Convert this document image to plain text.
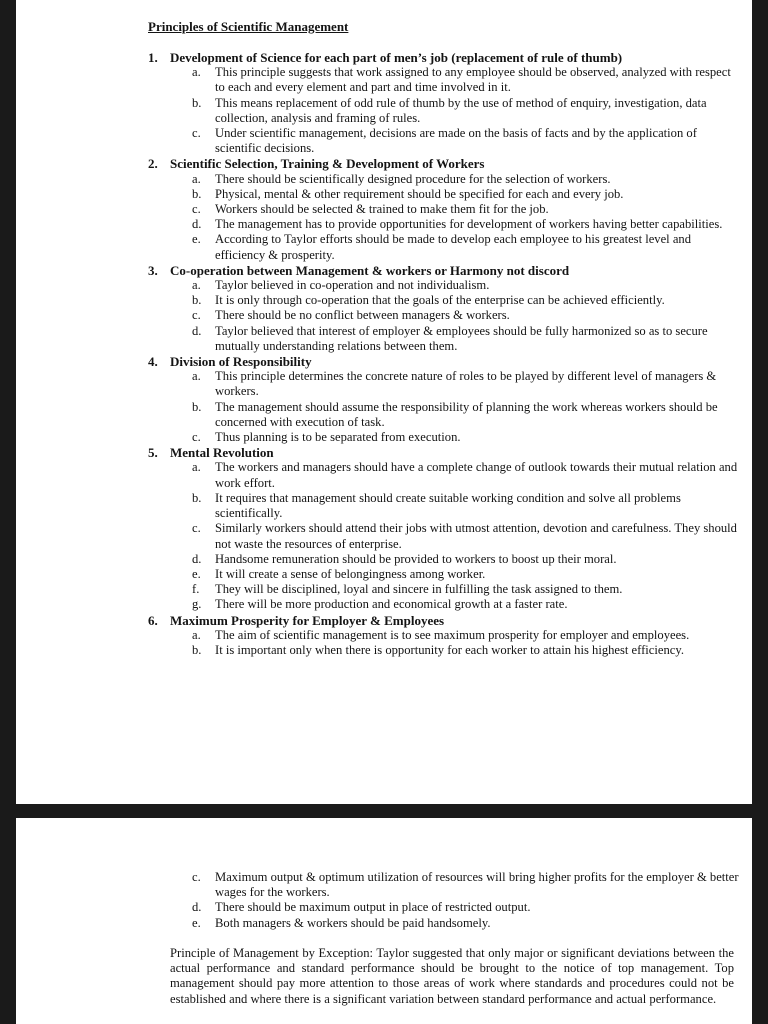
Principles of Scientific Management
1. Development of Science for each part of men’s job (replacement of rule of thumb)
a. This principle suggests that work assigned to any employee should be observed, analyzed with respect to each and every element and part and time involved in it.
b. This means replacement of odd rule of thumb by the use of method of enquiry, investigation, data collection, analysis and framing of rules.
c. Under scientific management, decisions are made on the basis of facts and by the application of scientific decisions.
2. Scientific Selection, Training & Development of Workers
a. There should be scientifically designed procedure for the selection of workers.
b. Physical, mental & other requirement should be specified for each and every job.
c. Workers should be selected & trained to make them fit for the job.
d. The management has to provide opportunities for development of workers having better capabilities.
e. According to Taylor efforts should be made to develop each employee to his greatest level and efficiency & prosperity.
3. Co-operation between Management & workers or Harmony not discord
a. Taylor believed in co-operation and not individualism.
b. It is only through co-operation that the goals of the enterprise can be achieved efficiently.
c. There should be no conflict between managers & workers.
d. Taylor believed that interest of employer & employees should be fully harmonized so as to secure mutually understanding relations between them.
4. Division of Responsibility
a. This principle determines the concrete nature of roles to be played by different level of managers & workers.
b. The management should assume the responsibility of planning the work whereas workers should be concerned with execution of task.
c. Thus planning is to be separated from execution.
5. Mental Revolution
a. The workers and managers should have a complete change of outlook towards their mutual relation and work effort.
b. It requires that management should create suitable working condition and solve all problems scientifically.
c. Similarly workers should attend their jobs with utmost attention, devotion and carefulness. They should not waste the resources of enterprise.
d. Handsome remuneration should be provided to workers to boost up their moral.
e. It will create a sense of belongingness among worker.
f. They will be disciplined, loyal and sincere in fulfilling the task assigned to them.
g. There will be more production and economical growth at a faster rate.
6. Maximum Prosperity for Employer & Employees
a. The aim of scientific management is to see maximum prosperity for employer and employees.
b. It is important only when there is opportunity for each worker to attain his highest efficiency.
c. Maximum output & optimum utilization of resources will bring higher profits for the employer & better wages for the workers.
d. There should be maximum output in place of restricted output.
e. Both managers & workers should be paid handsomely.

Principle of Management by Exception: Taylor suggested that only major or significant deviations between the actual performance and standard performance should be brought to the notice of top management. Top management should pay more attention to those areas of work where standards and procedures could not be established and where there is a significant variation between standard performance and actual performance.
